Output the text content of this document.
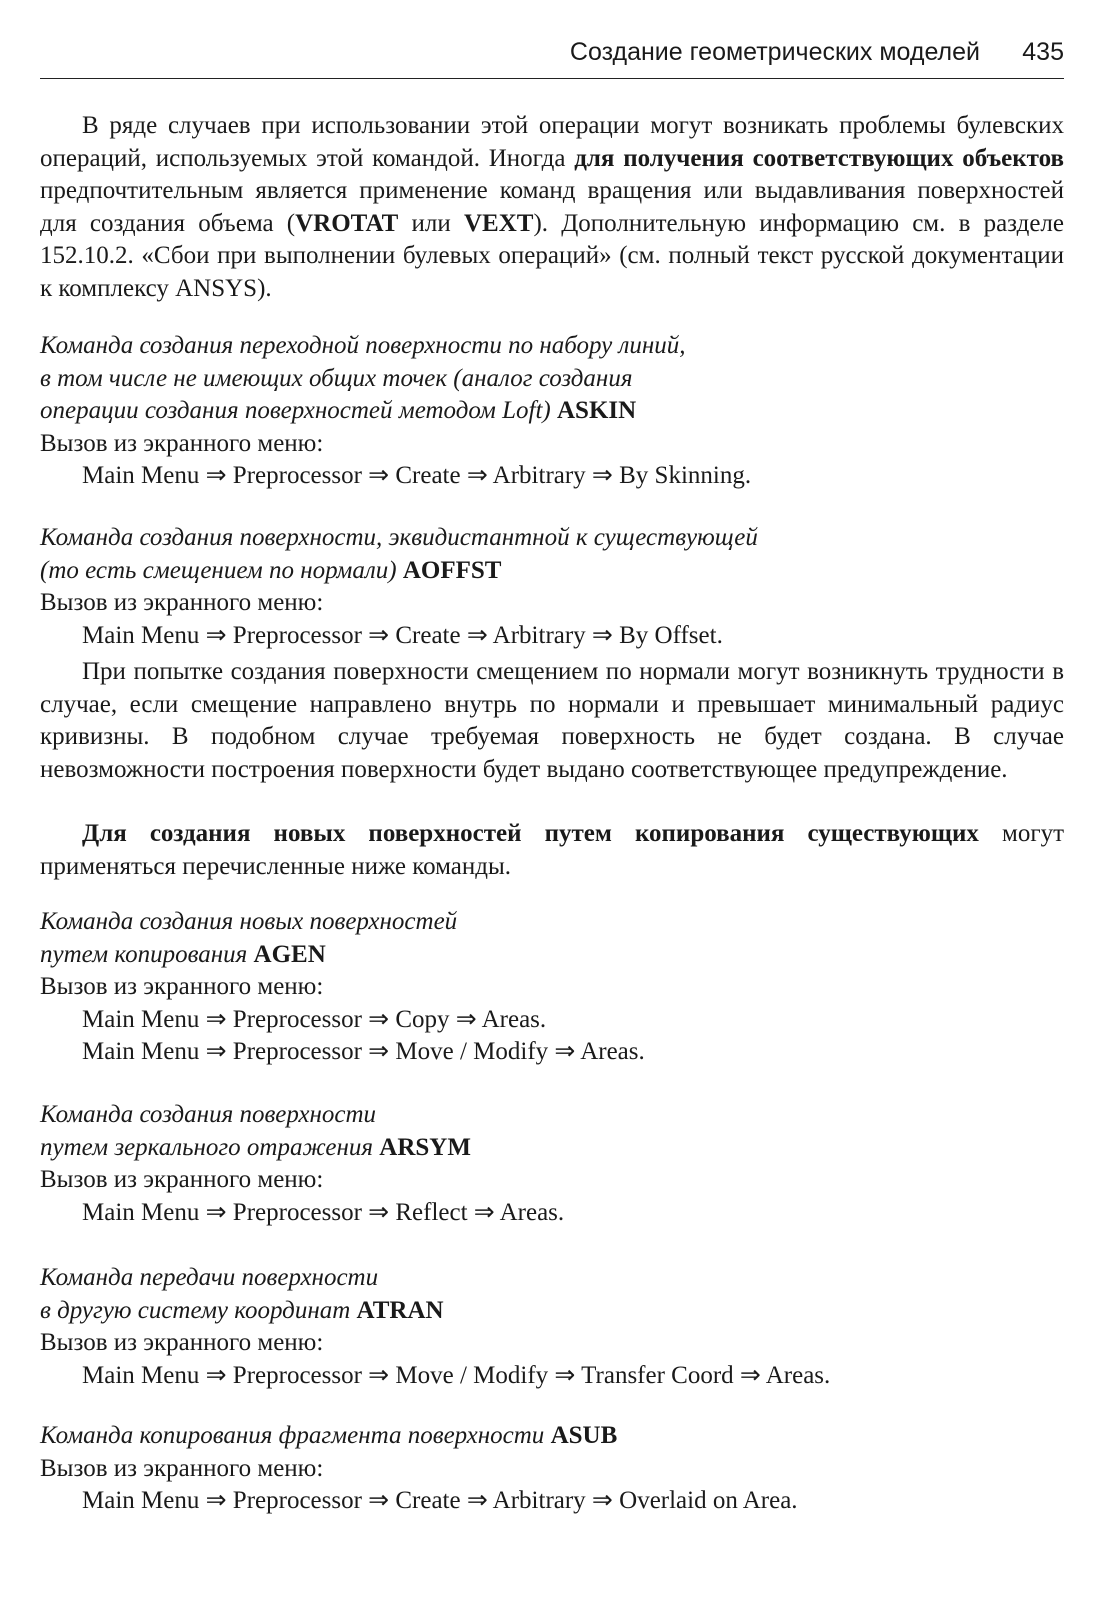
Создание геометрических моделей 435
В ряде случаев при использовании этой операции могут возникать проблемы булевских операций, используемых этой командой. Иногда для получения соответствующих объектов предпочтительным является применение команд вращения или выдавливания поверхностей для создания объема (VROTAT или VEXT). Дополнительную информацию см. в разделе 152.10.2. «Сбои при выполнении булевых операций» (см. полный текст русской документации к комплексу ANSYS).
Команда создания переходной поверхности по набору линий,
в том числе не имеющих общих точек (аналог создания
операции создания поверхностей методом Loft) ASKIN
Вызов из экранного меню:
Main Menu ⇒ Preprocessor ⇒ Create ⇒ Arbitrary ⇒ By Skinning.
Команда создания поверхности, эквидистантной к существующей
(то есть смещением по нормали) AOFFST
Вызов из экранного меню:
Main Menu ⇒ Preprocessor ⇒ Create ⇒ Arbitrary ⇒ By Offset.
При попытке создания поверхности смещением по нормали могут возникнуть трудности в случае, если смещение направлено внутрь по нормали и превышает минимальный радиус кривизны. В подобном случае требуемая поверхность не будет создана. В случае невозможности построения поверхности будет выдано соответствующее предупреждение.
Для создания новых поверхностей путем копирования существующих могут применяться перечисленные ниже команды.
Команда создания новых поверхностей
путем копирования AGEN
Вызов из экранного меню:
Main Menu ⇒ Preprocessor ⇒ Copy ⇒ Areas.
Main Menu ⇒ Preprocessor ⇒ Move / Modify ⇒ Areas.
Команда создания поверхности
путем зеркального отражения ARSYM
Вызов из экранного меню:
Main Menu ⇒ Preprocessor ⇒ Reflect ⇒ Areas.
Команда передачи поверхности
в другую систему координат ATRAN
Вызов из экранного меню:
Main Menu ⇒ Preprocessor ⇒ Move / Modify ⇒ Transfer Coord ⇒ Areas.
Команда копирования фрагмента поверхности ASUB
Вызов из экранного меню:
Main Menu ⇒ Preprocessor ⇒ Create ⇒ Arbitrary ⇒ Overlaid on Area.
